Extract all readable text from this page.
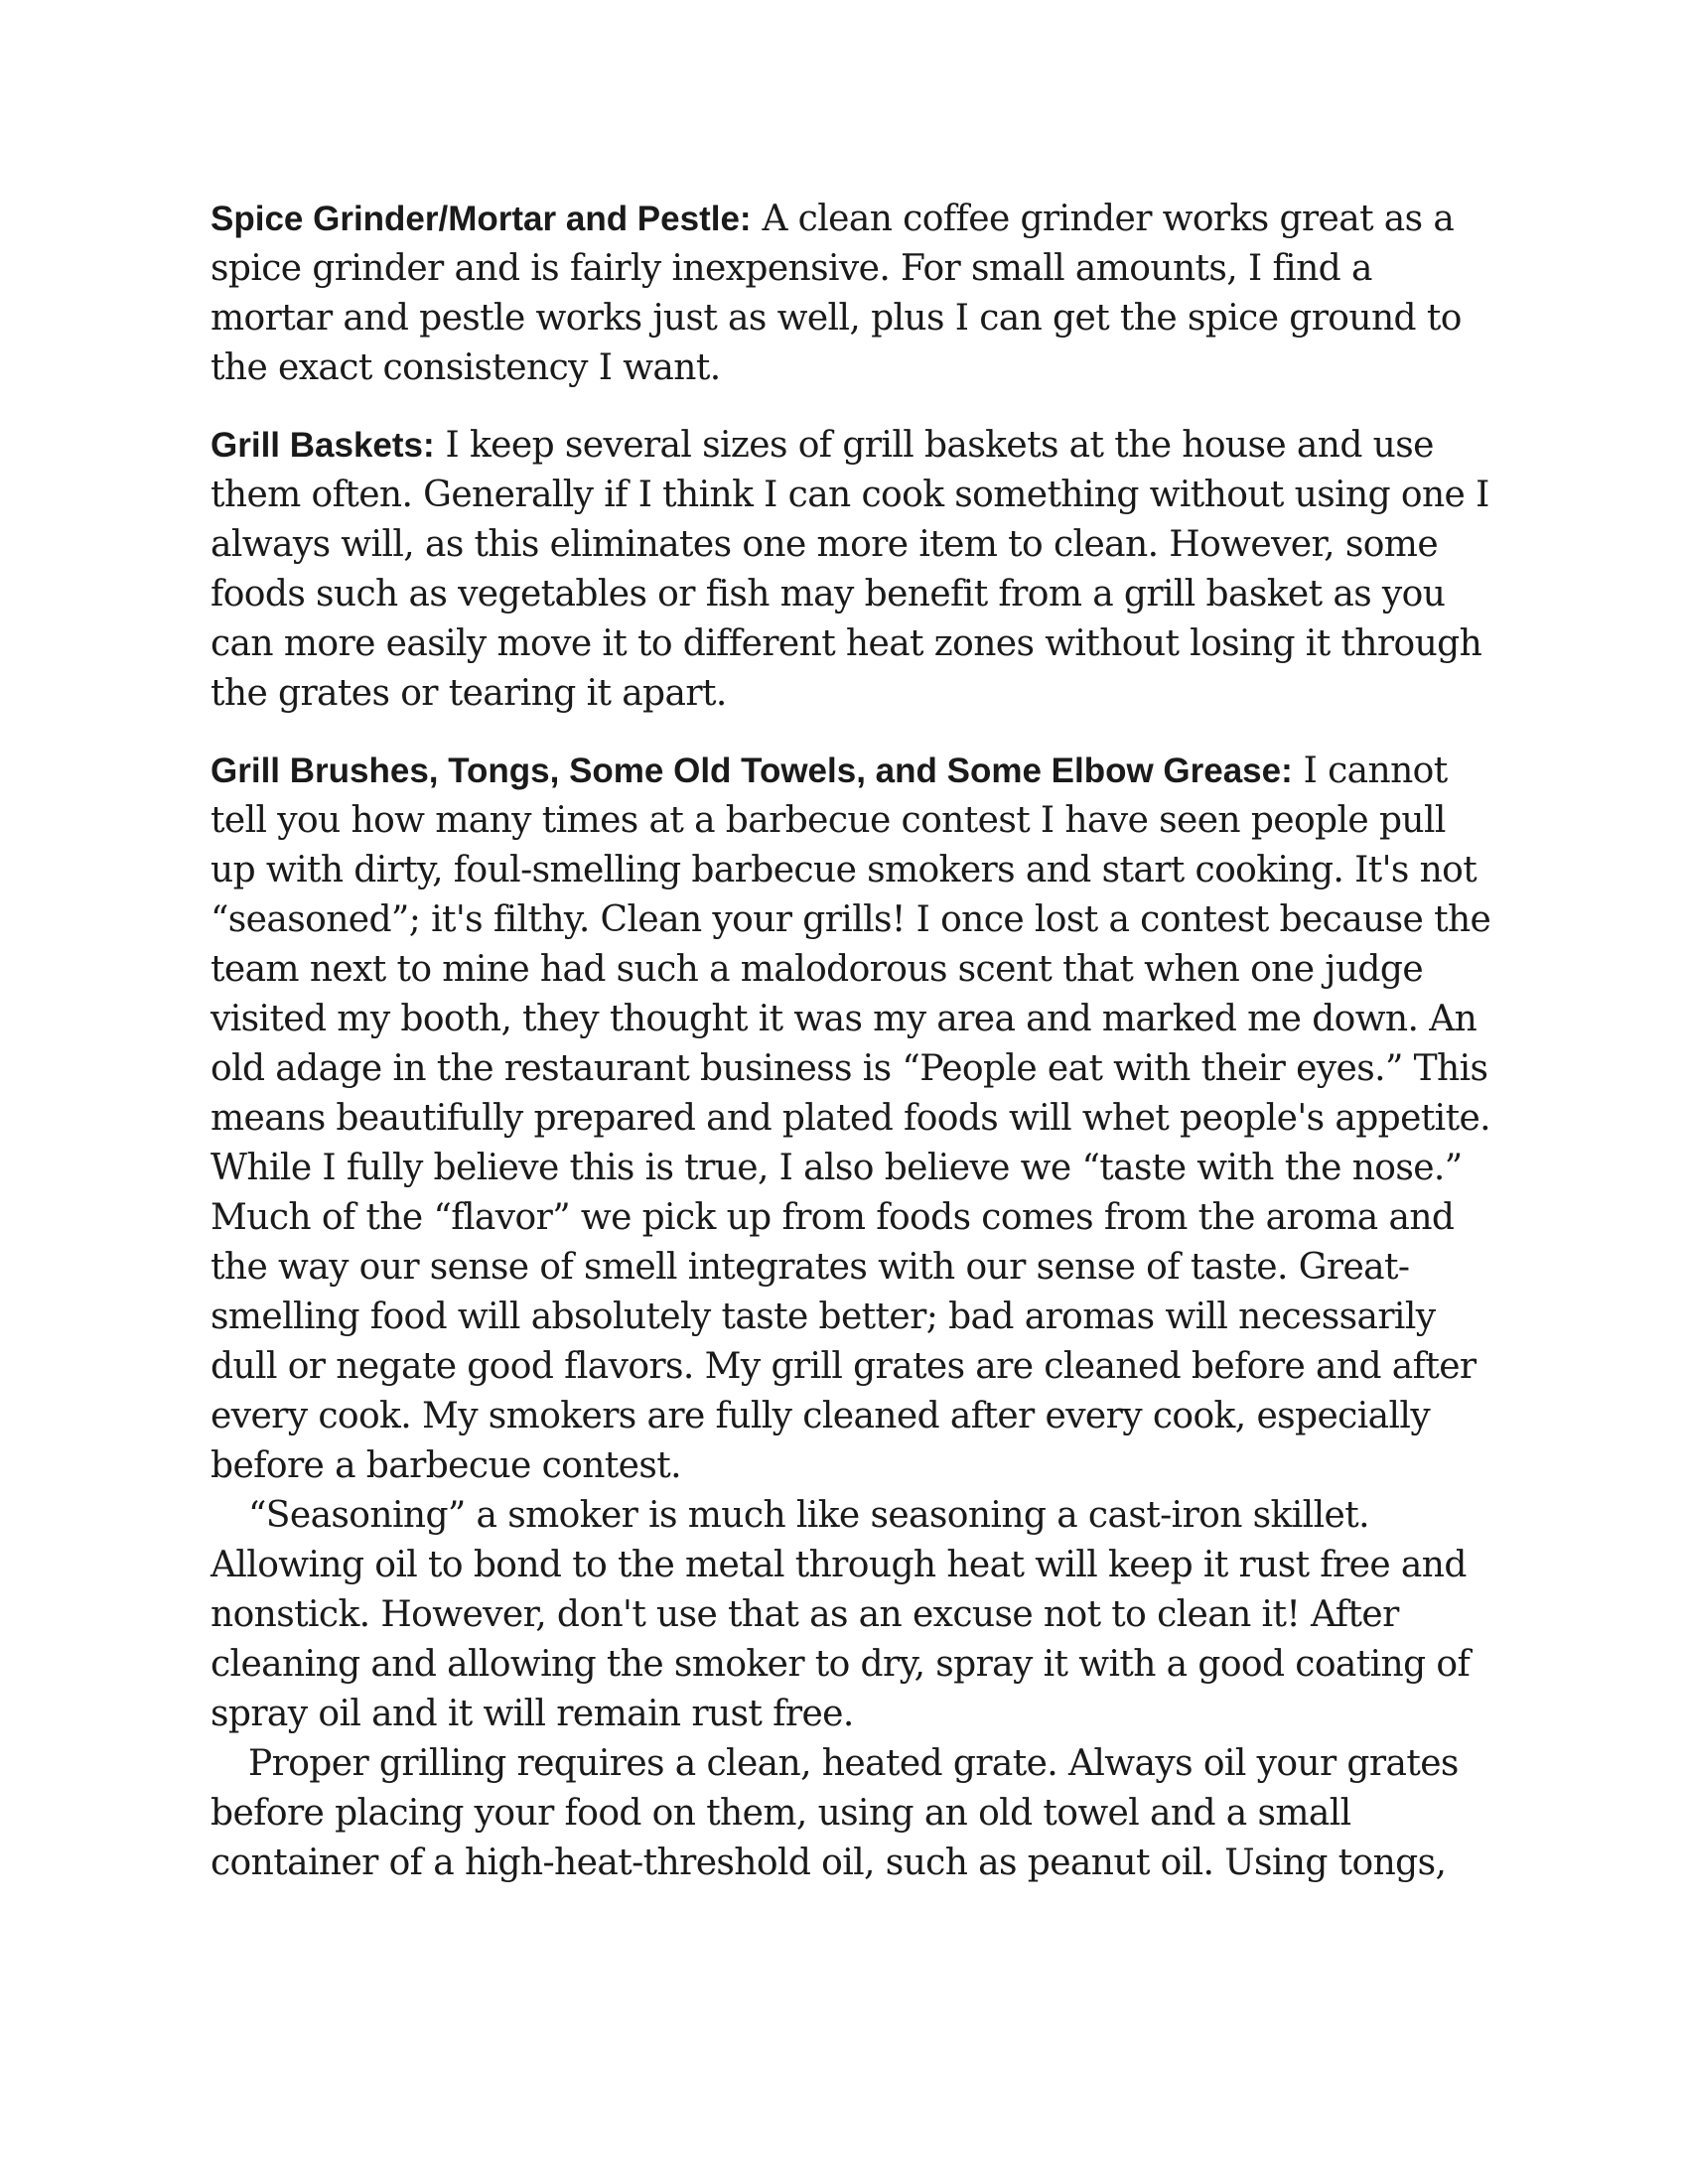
Spice Grinder/Mortar and Pestle: A clean coffee grinder works great as a spice grinder and is fairly inexpensive. For small amounts, I find a mortar and pestle works just as well, plus I can get the spice ground to the exact consistency I want.

Grill Baskets: I keep several sizes of grill baskets at the house and use them often. Generally if I think I can cook something without using one I always will, as this eliminates one more item to clean. However, some foods such as vegetables or fish may benefit from a grill basket as you can more easily move it to different heat zones without losing it through the grates or tearing it apart.

Grill Brushes, Tongs, Some Old Towels, and Some Elbow Grease: I cannot tell you how many times at a barbecue contest I have seen people pull up with dirty, foul-smelling barbecue smokers and start cooking. It's not “seasoned”; it's filthy. Clean your grills! I once lost a contest because the team next to mine had such a malodorous scent that when one judge visited my booth, they thought it was my area and marked me down. An old adage in the restaurant business is “People eat with their eyes.” This means beautifully prepared and plated foods will whet people's appetite. While I fully believe this is true, I also believe we “taste with the nose.” Much of the “flavor” we pick up from foods comes from the aroma and the way our sense of smell integrates with our sense of taste. Great-smelling food will absolutely taste better; bad aromas will necessarily dull or negate good flavors. My grill grates are cleaned before and after every cook. My smokers are fully cleaned after every cook, especially before a barbecue contest.

“Seasoning” a smoker is much like seasoning a cast-iron skillet. Allowing oil to bond to the metal through heat will keep it rust free and nonstick. However, don't use that as an excuse not to clean it! After cleaning and allowing the smoker to dry, spray it with a good coating of spray oil and it will remain rust free.

Proper grilling requires a clean, heated grate. Always oil your grates before placing your food on them, using an old towel and a small container of a high-heat-threshold oil, such as peanut oil. Using tongs,
